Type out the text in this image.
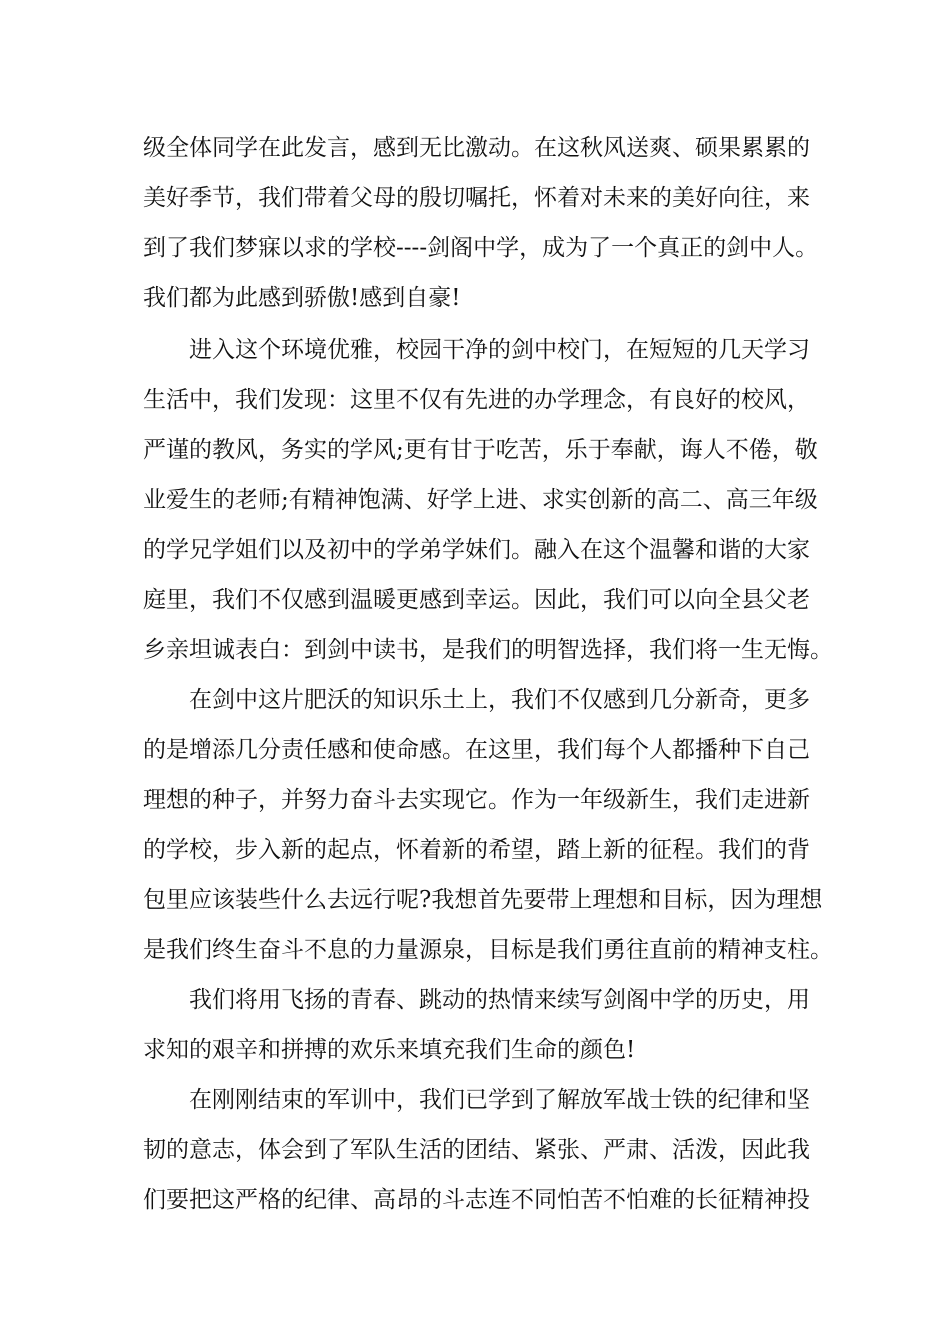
级全体同学在此发言，感到无比激动。在这秋风送爽、硕果累累的
美好季节，我们带着父母的殷切嘱托，怀着对未来的美好向往，来
到了我们梦寐以求的学校----剑阁中学，成为了一个真正的剑中人。
我们都为此感到骄傲!感到自豪!
进入这个环境优雅，校园干净的剑中校门，在短短的几天学习
生活中，我们发现：这里不仅有先进的办学理念，有良好的校风，
严谨的教风，务实的学风;更有甘于吃苦，乐于奉献，诲人不倦，敬
业爱生的老师;有精神饱满、好学上进、求实创新的高二、高三年级
的学兄学姐们以及初中的学弟学妹们。融入在这个温馨和谐的大家
庭里，我们不仅感到温暖更感到幸运。因此，我们可以向全县父老
乡亲坦诚表白：到剑中读书，是我们的明智选择，我们将一生无悔。
在剑中这片肥沃的知识乐土上，我们不仅感到几分新奇，更多
的是增添几分责任感和使命感。在这里，我们每个人都播种下自己
理想的种子，并努力奋斗去实现它。作为一年级新生，我们走进新
的学校，步入新的起点，怀着新的希望，踏上新的征程。我们的背
包里应该装些什么去远行呢?我想首先要带上理想和目标，因为理想
是我们终生奋斗不息的力量源泉，目标是我们勇往直前的精神支柱。
我们将用飞扬的青春、跳动的热情来续写剑阁中学的历史，用
求知的艰辛和拼搏的欢乐来填充我们生命的颜色!
在刚刚结束的军训中，我们已学到了解放军战士铁的纪律和坚
韧的意志，体会到了军队生活的团结、紧张、严肃、活泼，因此我
们要把这严格的纪律、高昂的斗志连不同怕苦不怕难的长征精神投
